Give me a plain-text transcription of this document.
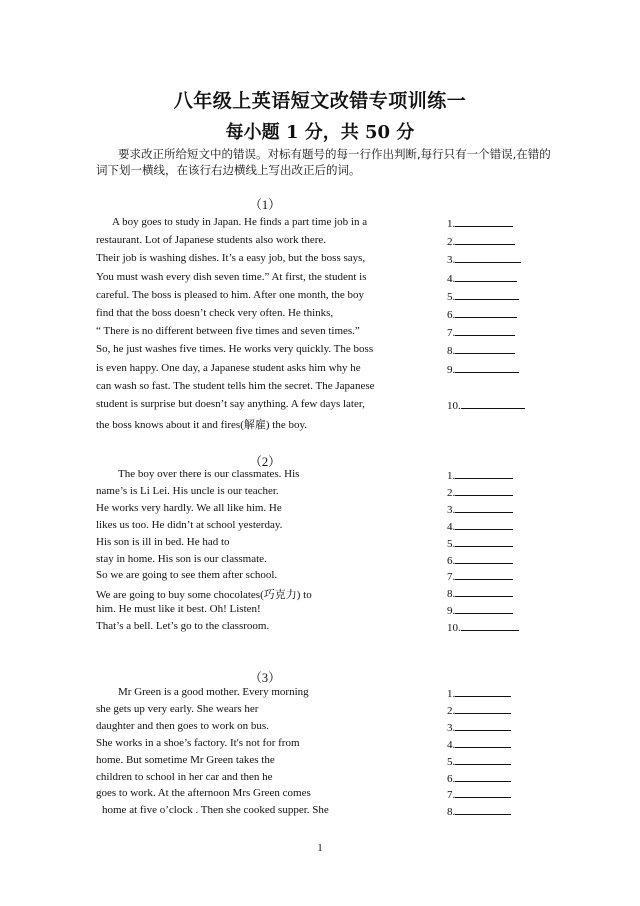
八年级上英语短文改错专项训练一
每小题 1 分，共 50 分
要求改正所给短文中的错误。对标有题号的每一行作出判断,每行只有一个错误,在错的词下划一横线，在该行右边横线上写出改正后的词。
（1）
A boy goes to study in Japan. He finds a part time job in a
restaurant. Lot of Japanese students also work there.
Their job is washing dishes. It’s a easy job, but the boss says,
You must wash every dish seven time.” At first, the student is
careful. The boss is pleased to him. After one month, the boy
find that the boss doesn’t check very often. He thinks,
“ There is no different between five times and seven times.”
So, he just washes five times. He works very quickly. The boss
is even happy. One day, a Japanese student asks him why he
can wash so fast. The student tells him the secret. The Japanese
student is surprise but doesn’t say anything. A few days later,
the boss knows about it and fires(解雇) the boy.
1.
2.
3.
4.
5.
6.
7.
8.
9.
10.
（2）
The boy over there is our classmates. His
name’s is Li Lei. His uncle is our teacher.
He works very hardly. We all like him. He
likes us too. He didn’t at school yesterday.
His son is ill in bed. He had to
stay in home. His son is our classmate.
So we are going to see them after school.
We are going to buy some chocolates(巧克力) to
him. He must like it best. Oh! Listen!
That’s a bell. Let’s go to the classroom.
1.
2.
3.
4.
5.
6.
7.
8.
9.
10.
（3）
Mr Green is a good mother. Every morning
she gets up very early. She wears her
daughter and then goes to work on bus.
She works in a shoe’s factory. It's not for from
home. But sometime Mr Green takes the
children to school in her car and then he
goes to work. At the afternoon Mrs Green comes
home at five o’clock . Then she cooked supper. She
1.
2.
3.
4.
5.
6.
7.
8.
1
